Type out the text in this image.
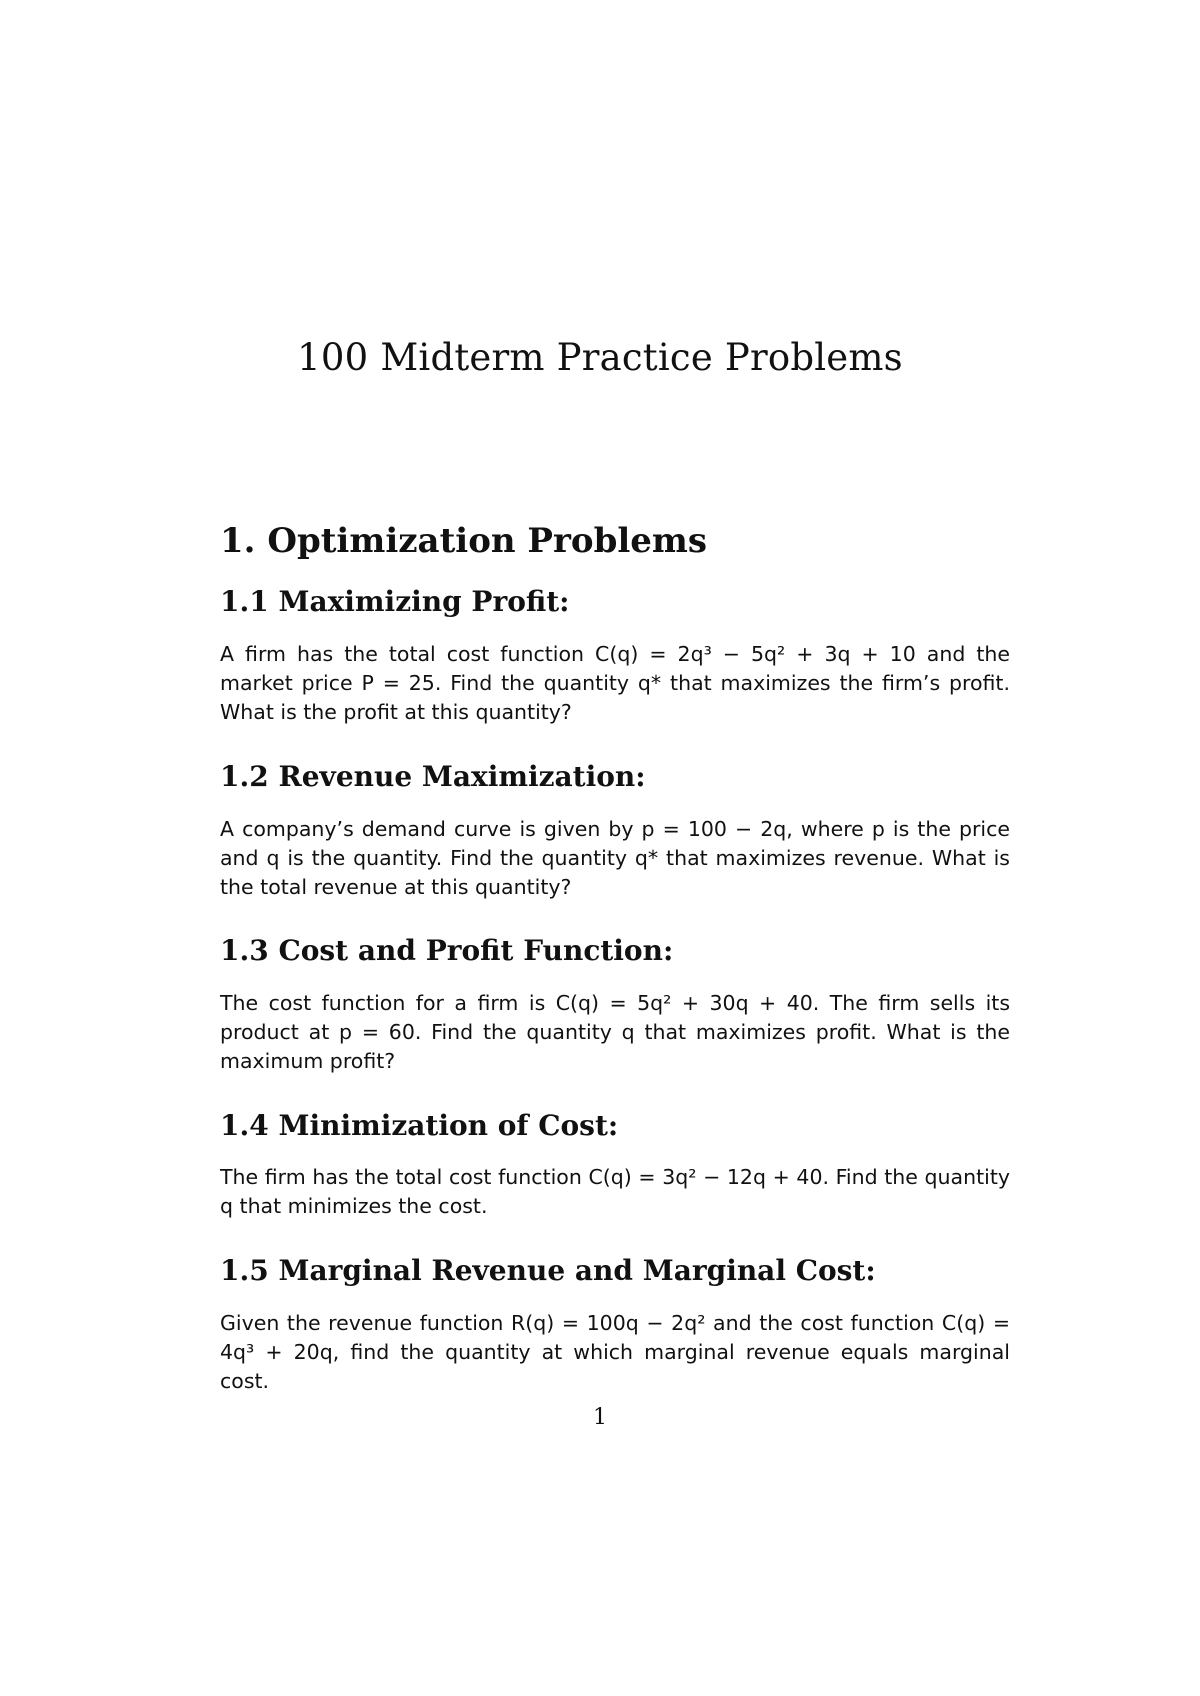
100 Midterm Practice Problems
1. Optimization Problems
1.1 Maximizing Profit:
A firm has the total cost function C(q) = 2q³ − 5q² + 3q + 10 and the market price P = 25. Find the quantity q* that maximizes the firm’s profit. What is the profit at this quantity?
1.2 Revenue Maximization:
A company’s demand curve is given by p = 100 − 2q, where p is the price and q is the quantity. Find the quantity q* that maximizes revenue. What is the total revenue at this quantity?
1.3 Cost and Profit Function:
The cost function for a firm is C(q) = 5q² + 30q + 40. The firm sells its product at p = 60. Find the quantity q that maximizes profit. What is the maximum profit?
1.4 Minimization of Cost:
The firm has the total cost function C(q) = 3q² − 12q + 40. Find the quantity q that minimizes the cost.
1.5 Marginal Revenue and Marginal Cost:
Given the revenue function R(q) = 100q − 2q² and the cost function C(q) = 4q³ + 20q, find the quantity at which marginal revenue equals marginal cost.
1
